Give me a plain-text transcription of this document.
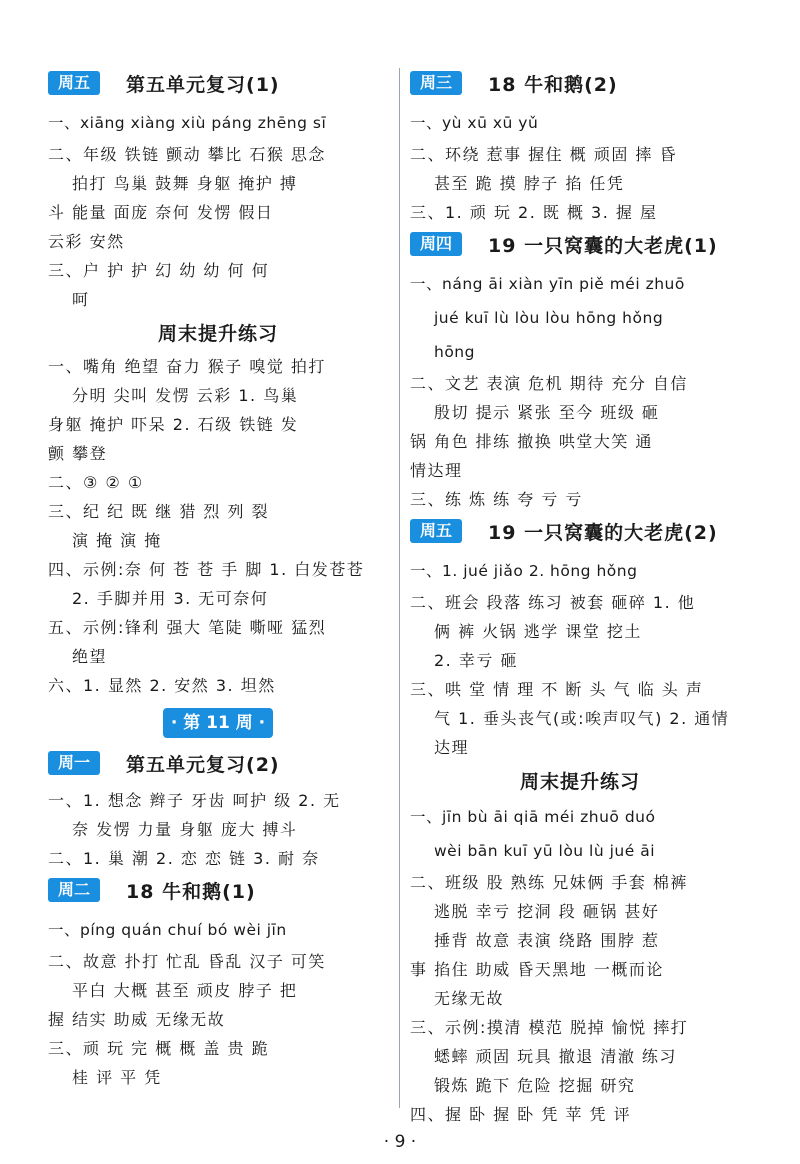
周五	第五单元复习(1)
一、xiāng xiàng xiù páng zhēng sī
二、年级 铁链 颤动 攀比 石猴 思念
拍打 鸟巢 鼓舞 身躯 掩护 搏
斗 能量 面庞 奈何 发愣 假日
云彩 安然
三、户 护 护 幻 幼 幼 何 何
呵
周末提升练习
一、嘴角 绝望 奋力 猴子 嗅觉 拍打
分明 尖叫 发愣 云彩 1. 鸟巢
身躯 掩护 吓呆 2. 石级 铁链 发
颤 攀登
二、③ ② ①
三、纪 纪 既 继 猎 烈 列 裂
演 掩 演 掩
四、示例:奈 何 苍 苍 手 脚 1. 白发苍苍
2. 手脚并用 3. 无可奈何
五、示例:锋利 强大 笔陡 嘶哑 猛烈
绝望
六、1. 显然 2. 安然 3. 坦然
· 第 11 周 ·
周一	第五单元复习(2)
一、1. 想念 辫子 牙齿 呵护 级 2. 无
奈 发愣 力量 身躯 庞大 搏斗
二、1. 巢 潮 2. 恋 恋 链 3. 耐 奈
周二	18 牛和鹅(1)
一、píng quán chuí bó wèi jīn
二、故意 扑打 忙乱 昏乱 汉子 可笑
平白 大概 甚至 顽皮 脖子 把
握 结实 助威 无缘无故
三、顽 玩 完 概 概 盖 贵 跪
桂 评 平 凭
周三	18 牛和鹅(2)
一、yù xū xū yǔ
二、环绕 惹事 握住 概 顽固 摔 昏
甚至 跪 摸 脖子 掐 任凭
三、1. 顽 玩 2. 既 概 3. 握 屋
周四	19 一只窝囊的大老虎(1)
一、náng āi xiàn yīn piě méi zhuō
jué kuī lù lòu lòu hōng hǒng
hōng
二、文艺 表演 危机 期待 充分 自信
殷切 提示 紧张 至今 班级 砸
锅 角色 排练 撤换 哄堂大笑 通
情达理
三、练 炼 练 夸 亏 亏
周五	19 一只窝囊的大老虎(2)
一、1. jué jiǎo 2. hōng hǒng
二、班会 段落 练习 被套 砸碎 1. 他
俩 裤 火锅 逃学 课堂 挖土
2. 幸亏 砸
三、哄 堂 情 理 不 断 头 气 临 头 声
气 1. 垂头丧气(或:唉声叹气) 2. 通情
达理
周末提升练习
一、jīn bù āi qiā méi zhuō duó
wèi bān kuī yū lòu lù jué āi
二、班级 股 熟练 兄妹俩 手套 棉裤
逃脱 幸亏 挖洞 段 砸锅 甚好
捶背 故意 表演 绕路 围脖 惹
事 掐住 助威 昏天黑地 一概而论
无缘无故
三、示例:摸清 模范 脱掉 愉悦 摔打
蟋蟀 顽固 玩具 撤退 清澈 练习
锻炼 跪下 危险 挖掘 研究
四、握 卧 握 卧 凭 苹 凭 评
· 9 ·
